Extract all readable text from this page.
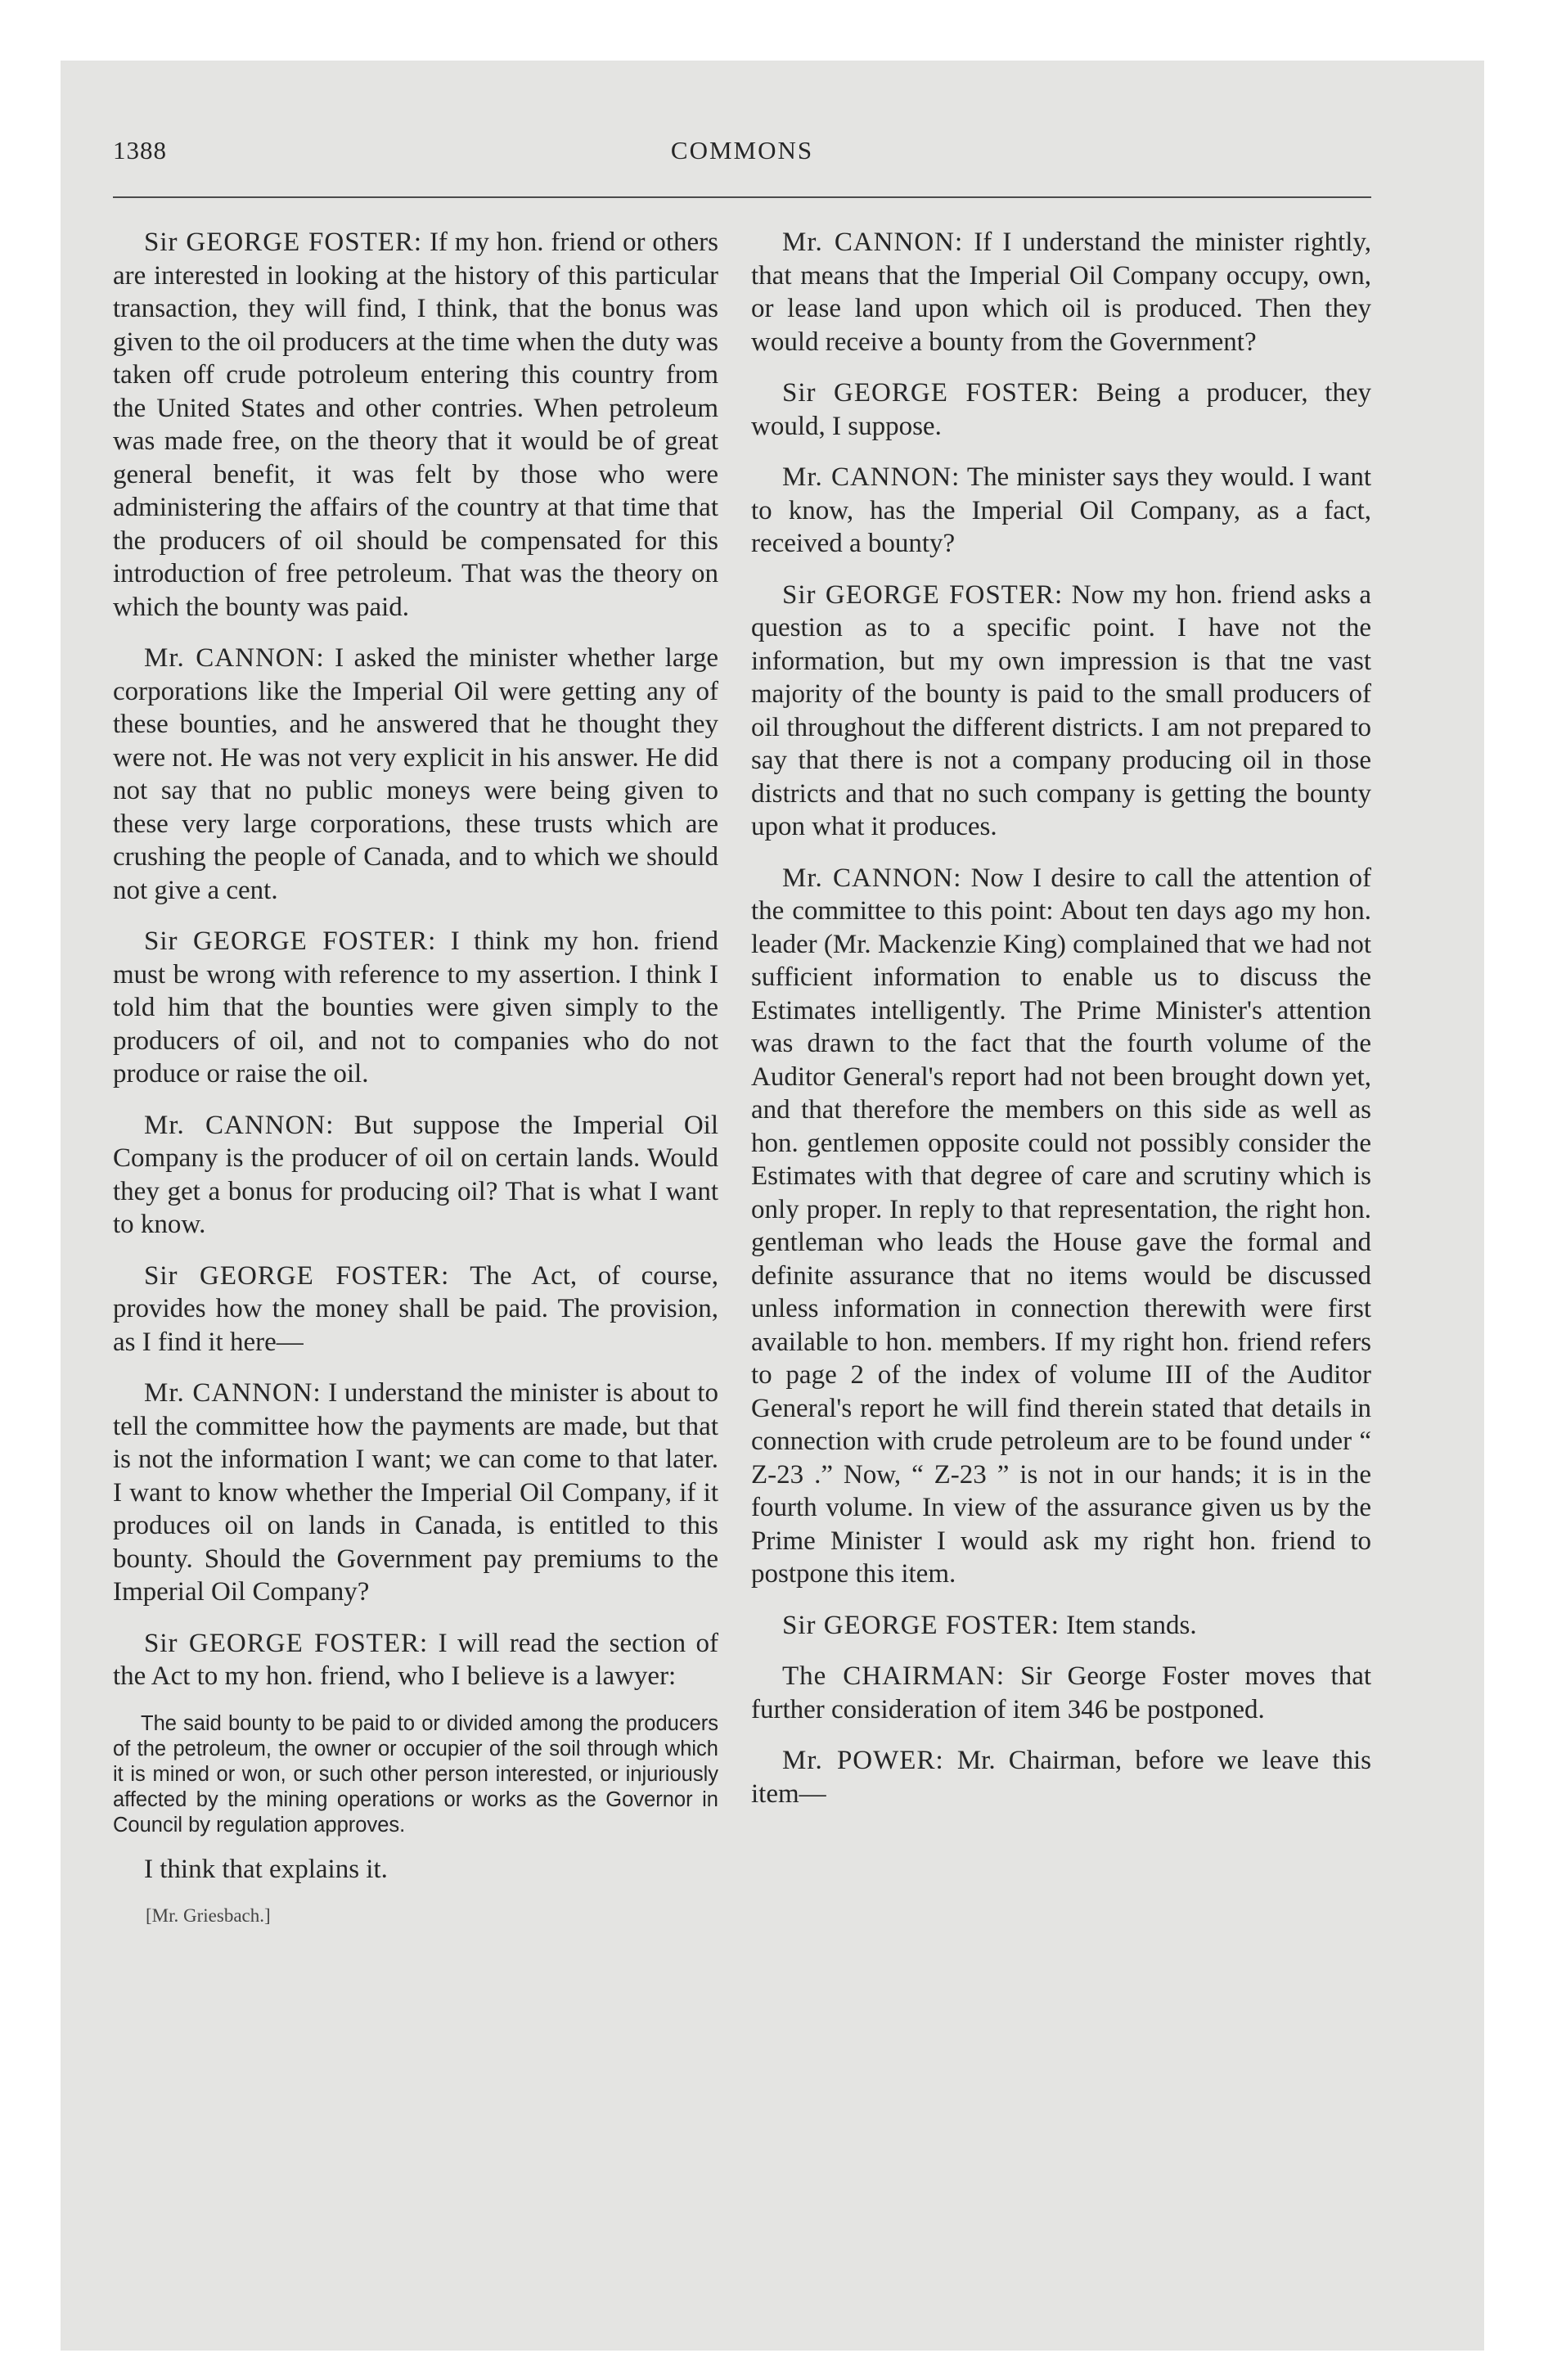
1388	COMMONS

Sir GEORGE FOSTER: If my hon. friend or others are interested in looking at the history of this particular transaction, they will find, I think, that the bonus was given to the oil producers at the time when the duty was taken off crude potroleum entering this country from the United States and other contries. When petroleum was made free, on the theory that it would be of great general benefit, it was felt by those who were administering the affairs of the country at that time that the producers of oil should be compensated for this introduction of free petroleum. That was the theory on which the bounty was paid.

Mr. CANNON: I asked the minister whether large corporations like the Imperial Oil were getting any of these bounties, and he answered that he thought they were not. He was not very explicit in his answer. He did not say that no public moneys were being given to these very large corporations, these trusts which are crushing the people of Canada, and to which we should not give a cent.

Sir GEORGE FOSTER: I think my hon. friend must be wrong with reference to my assertion. I think I told him that the bounties were given simply to the producers of oil, and not to companies who do not produce or raise the oil.

Mr. CANNON: But suppose the Imperial Oil Company is the producer of oil on certain lands. Would they get a bonus for producing oil? That is what I want to know.

Sir GEORGE FOSTER: The Act, of course, provides how the money shall be paid. The provision, as I find it here—

Mr. CANNON: I understand the minister is about to tell the committee how the payments are made, but that is not the information I want; we can come to that later. I want to know whether the Imperial Oil Company, if it produces oil on lands in Canada, is entitled to this bounty. Should the Government pay premiums to the Imperial Oil Company?

Sir GEORGE FOSTER: I will read the section of the Act to my hon. friend, who I believe is a lawyer:

The said bounty to be paid to or divided among the producers of the petroleum, the owner or occupier of the soil through which it is mined or won, or such other person interested, or injuriously affected by the mining operations or works as the Governor in Council by regulation approves.

I think that explains it.

[Mr. Griesbach.]

Mr. CANNON: If I understand the minister rightly, that means that the Imperial Oil Company occupy, own, or lease land upon which oil is produced. Then they would receive a bounty from the Government?

Sir GEORGE FOSTER: Being a producer, they would, I suppose.

Mr. CANNON: The minister says they would. I want to know, has the Imperial Oil Company, as a fact, received a bounty?

Sir GEORGE FOSTER: Now my hon. friend asks a question as to a specific point. I have not the information, but my own impression is that tne vast majority of the bounty is paid to the small producers of oil throughout the different districts. I am not prepared to say that there is not a company producing oil in those districts and that no such company is getting the bounty upon what it produces.

Mr. CANNON: Now I desire to call the attention of the committee to this point: About ten days ago my hon. leader (Mr. Mackenzie King) complained that we had not sufficient information to enable us to discuss the Estimates intelligently. The Prime Minister's attention was drawn to the fact that the fourth volume of the Auditor General's report had not been brought down yet, and that therefore the members on this side as well as hon. gentlemen opposite could not possibly consider the Estimates with that degree of care and scrutiny which is only proper. In reply to that representation, the right hon. gentleman who leads the House gave the formal and definite assurance that no items would be discussed unless information in connection therewith were first available to hon. members. If my right hon. friend refers to page 2 of the index of volume III of the Auditor General's report he will find therein stated that details in connection with crude petroleum are to be found under “ Z-23 .” Now, “ Z-23 ” is not in our hands; it is in the fourth volume. In view of the assurance given us by the Prime Minister I would ask my right hon. friend to postpone this item.

Sir GEORGE FOSTER: Item stands.

The CHAIRMAN: Sir George Foster moves that further consideration of item 346 be postponed.

Mr. POWER: Mr. Chairman, before we leave this item—
